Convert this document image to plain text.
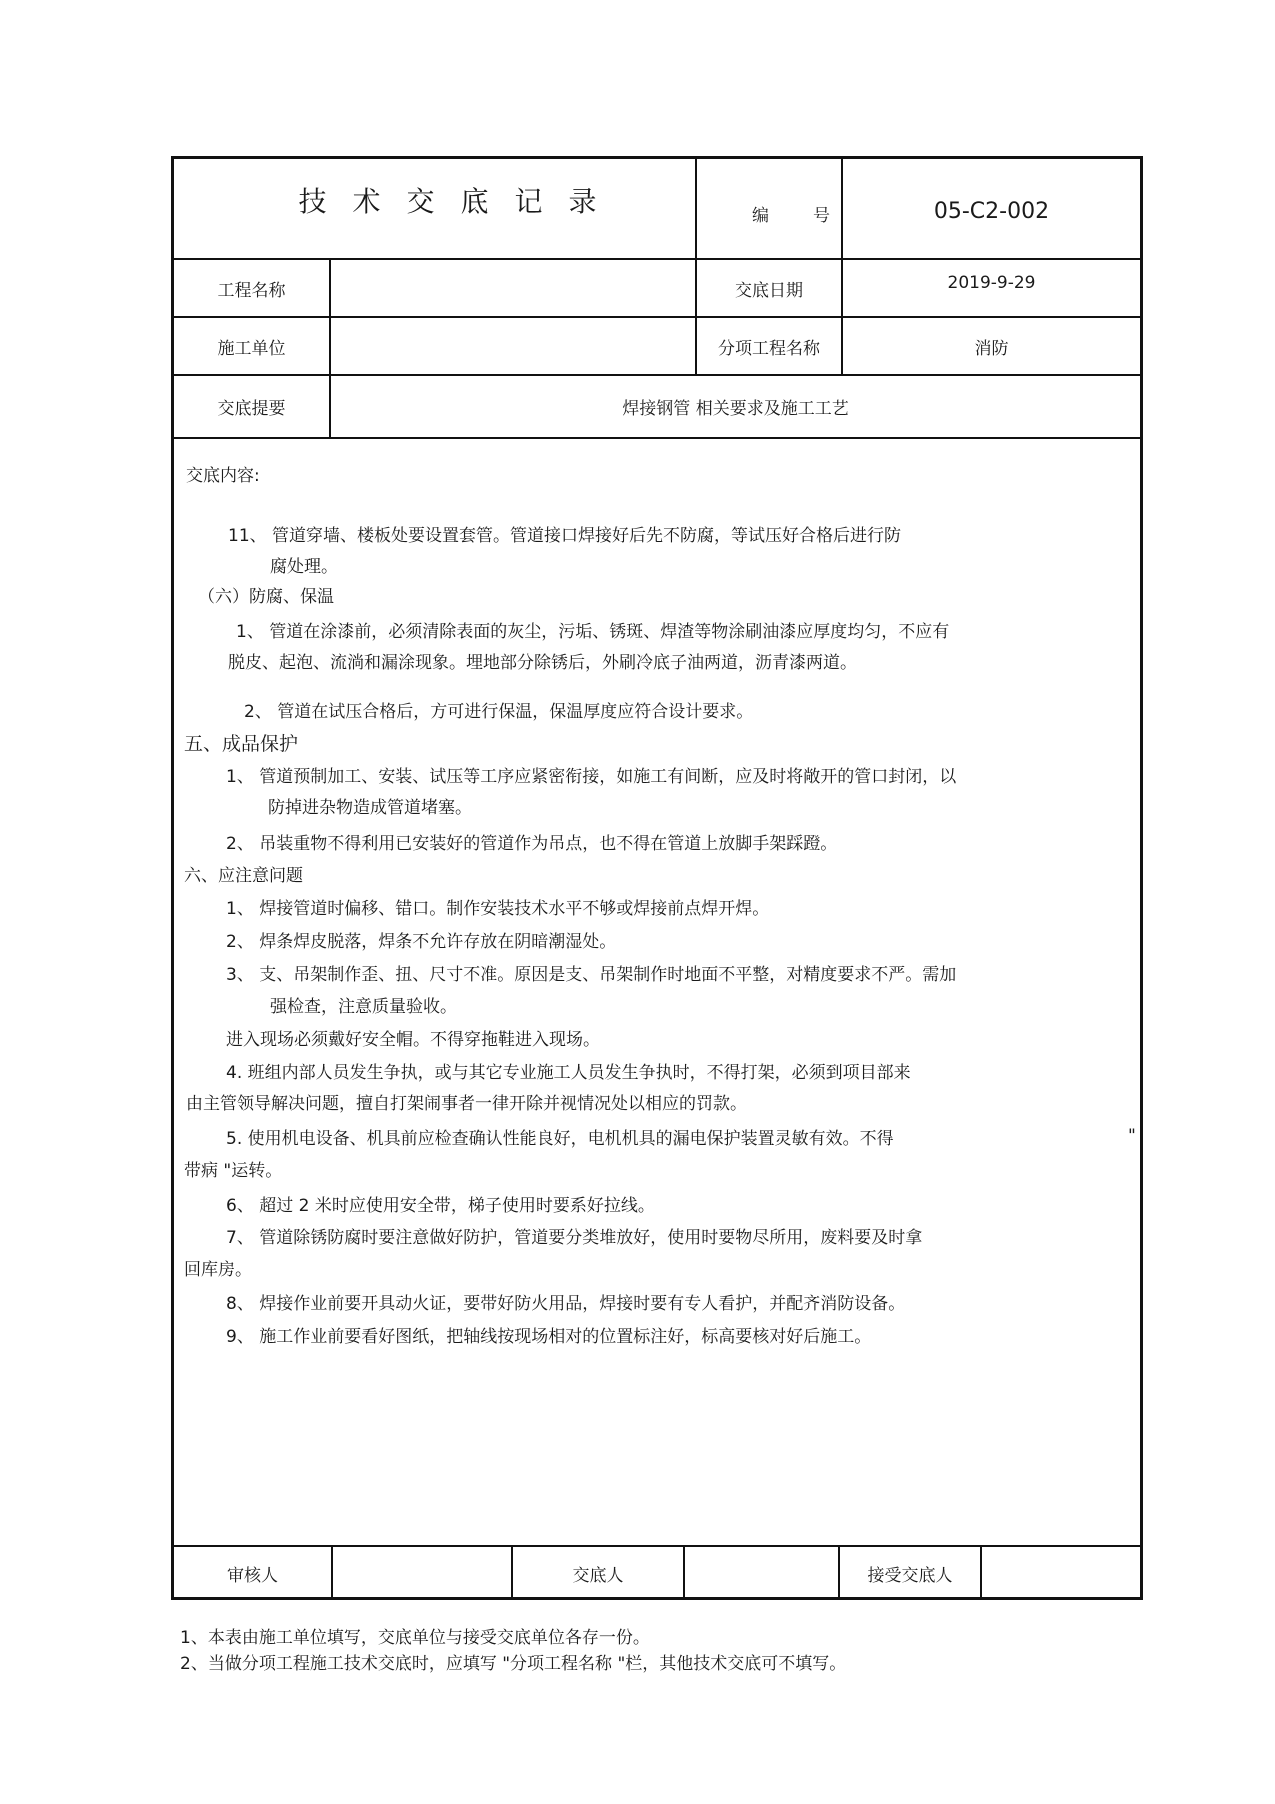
技术交底记录	编号	05-C2-002
工程名称	交底日期	2019-9-29
施工单位	分项工程名称	消防
交底提要	焊接钢管 相关要求及施工工艺
交底内容:
11、 管道穿墙、楼板处要设置套管。管道接口焊接好后先不防腐，等试压好合格后进行防
腐处理。
（六）防腐、保温
1、 管道在涂漆前，必须清除表面的灰尘，污垢、锈斑、焊渣等物涂刷油漆应厚度均匀，不应有
脱皮、起泡、流淌和漏涂现象。埋地部分除锈后，外刷冷底子油两道，沥青漆两道。
2、 管道在试压合格后，方可进行保温，保温厚度应符合设计要求。
五、成品保护
1、 管道预制加工、安装、试压等工序应紧密衔接，如施工有间断，应及时将敞开的管口封闭，以
防掉进杂物造成管道堵塞。
2、 吊装重物不得利用已安装好的管道作为吊点，也不得在管道上放脚手架踩蹬。
六、应注意问题
1、 焊接管道时偏移、错口。制作安装技术水平不够或焊接前点焊开焊。
2、 焊条焊皮脱落，焊条不允许存放在阴暗潮湿处。
3、 支、吊架制作歪、扭、尺寸不准。原因是支、吊架制作时地面不平整，对精度要求不严。需加
强检查，注意质量验收。
进入现场必须戴好安全帽。不得穿拖鞋进入现场。
4. 班组内部人员发生争执，或与其它专业施工人员发生争执时，不得打架，必须到项目部来
由主管领导解决问题，擅自打架闹事者一律开除并视情况处以相应的罚款。
5. 使用机电设备、机具前应检查确认性能良好，电机机具的漏电保护装置灵敏有效。不得	"
带病 "运转。
6、 超过 2 米时应使用安全带，梯子使用时要系好拉线。
7、 管道除锈防腐时要注意做好防护，管道要分类堆放好，使用时要物尽所用，废料要及时拿
回库房。
8、 焊接作业前要开具动火证，要带好防火用品，焊接时要有专人看护，并配齐消防设备。
9、 施工作业前要看好图纸，把轴线按现场相对的位置标注好，标高要核对好后施工。
审核人	交底人	接受交底人
1、本表由施工单位填写，交底单位与接受交底单位各存一份。
2、当做分项工程施工技术交底时，应填写 "分项工程名称 "栏，其他技术交底可不填写。
